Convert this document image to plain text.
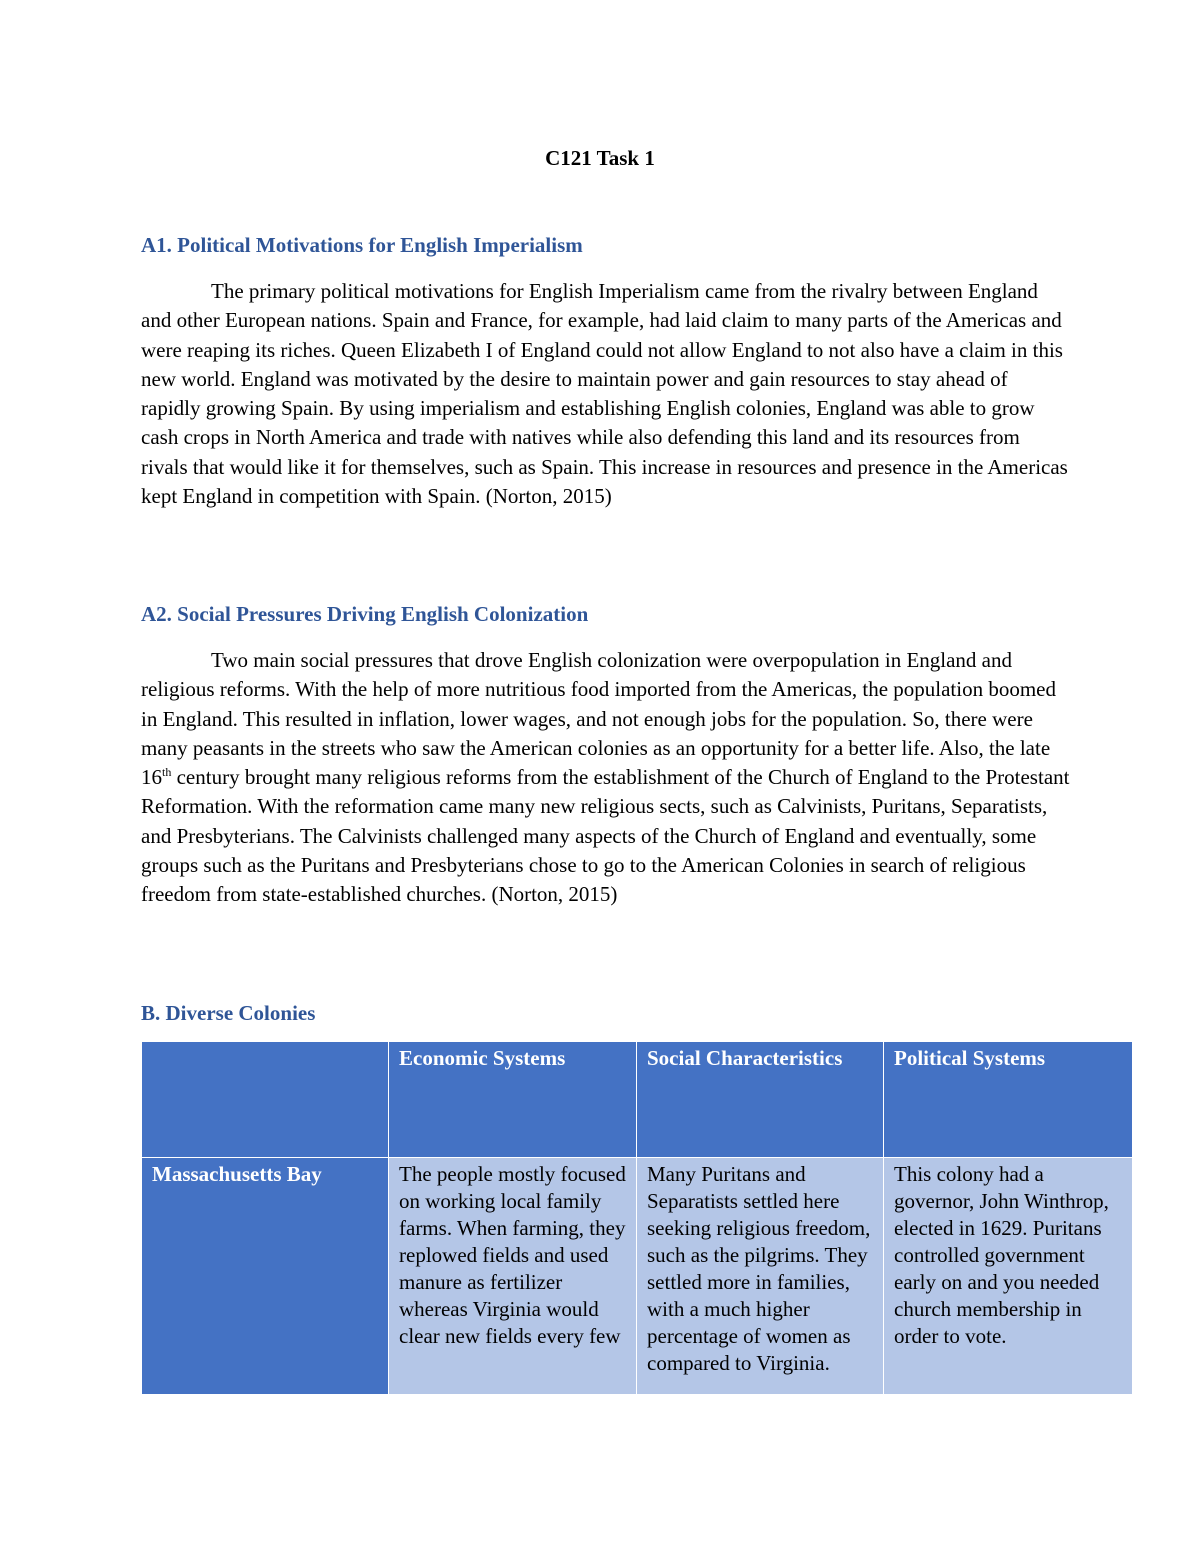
C121 Task 1
A1. Political Motivations for English Imperialism

The primary political motivations for English Imperialism came from the rivalry between England and other European nations. Spain and France, for example, had laid claim to many parts of the Americas and were reaping its riches. Queen Elizabeth I of England could not allow England to not also have a claim in this new world. England was motivated by the desire to maintain power and gain resources to stay ahead of rapidly growing Spain. By using imperialism and establishing English colonies, England was able to grow cash crops in North America and trade with natives while also defending this land and its resources from rivals that would like it for themselves, such as Spain. This increase in resources and presence in the Americas kept England in competition with Spain. (Norton, 2015)

A2. Social Pressures Driving English Colonization

Two main social pressures that drove English colonization were overpopulation in England and religious reforms. With the help of more nutritious food imported from the Americas, the population boomed in England. This resulted in inflation, lower wages, and not enough jobs for the population. So, there were many peasants in the streets who saw the American colonies as an opportunity for a better life. Also, the late 16th century brought many religious reforms from the establishment of the Church of England to the Protestant Reformation. With the reformation came many new religious sects, such as Calvinists, Puritans, Separatists, and Presbyterians. The Calvinists challenged many aspects of the Church of England and eventually, some groups such as the Puritans and Presbyterians chose to go to the American Colonies in search of religious freedom from state-established churches. (Norton, 2015)

B. Diverse Colonies
	Economic Systems	Social Characteristics	Political Systems
Massachusetts Bay	The people mostly focused on working local family farms. When farming, they replowed fields and used manure as fertilizer whereas Virginia would clear new fields every few	Many Puritans and Separatists settled here seeking religious freedom, such as the pilgrims. They settled more in families, with a much higher percentage of women as compared to Virginia.	This colony had a governor, John Winthrop, elected in 1629. Puritans controlled government early on and you needed church membership in order to vote.
